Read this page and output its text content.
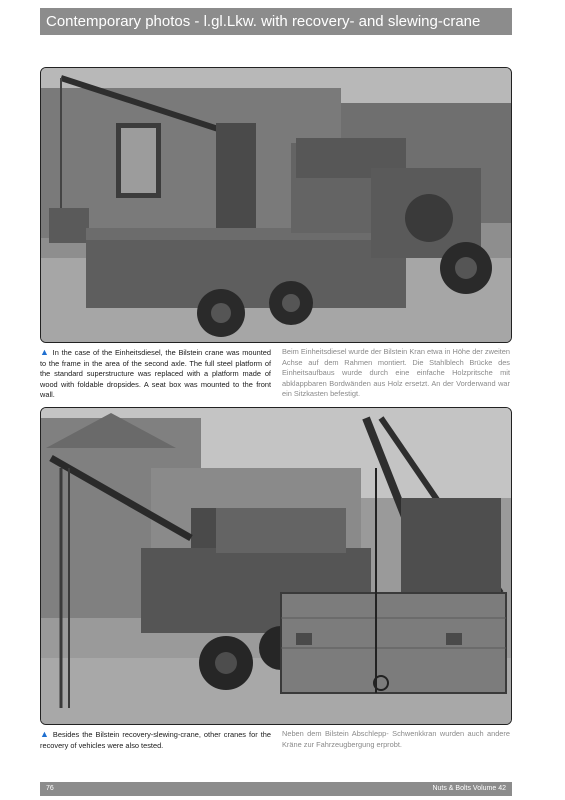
Contemporary photos - l.gl.Lkw. with recovery- and slewing-crane
▲ In the case of the Einheitsdiesel, the Bilstein crane was mounted to the frame in the area of the second axle. The full steel platform of the standard superstructure was replaced with a platform made of wood with foldable dropsides. A seat box was mounted to the front wall.
Beim Einheitsdiesel wurde der Bilstein Kran etwa in Höhe der zweiten Achse auf dem Rahmen montiert. Die Stahlblech Brücke des Einheitsaufbaus wurde durch eine einfache Holzpritsche mit abklappbaren Bordwänden aus Holz ersetzt. An der Vorderwand war ein Sitzkasten befestigt.
▲ Besides the Bilstein recovery-slewing-crane, other cranes for the recovery of vehicles were also tested.
Neben dem Bilstein Abschlepp- Schwenkkran wurden auch andere Kräne zur Fahrzeugbergung erprobt.
76	Nuts & Bolts Volume 42
